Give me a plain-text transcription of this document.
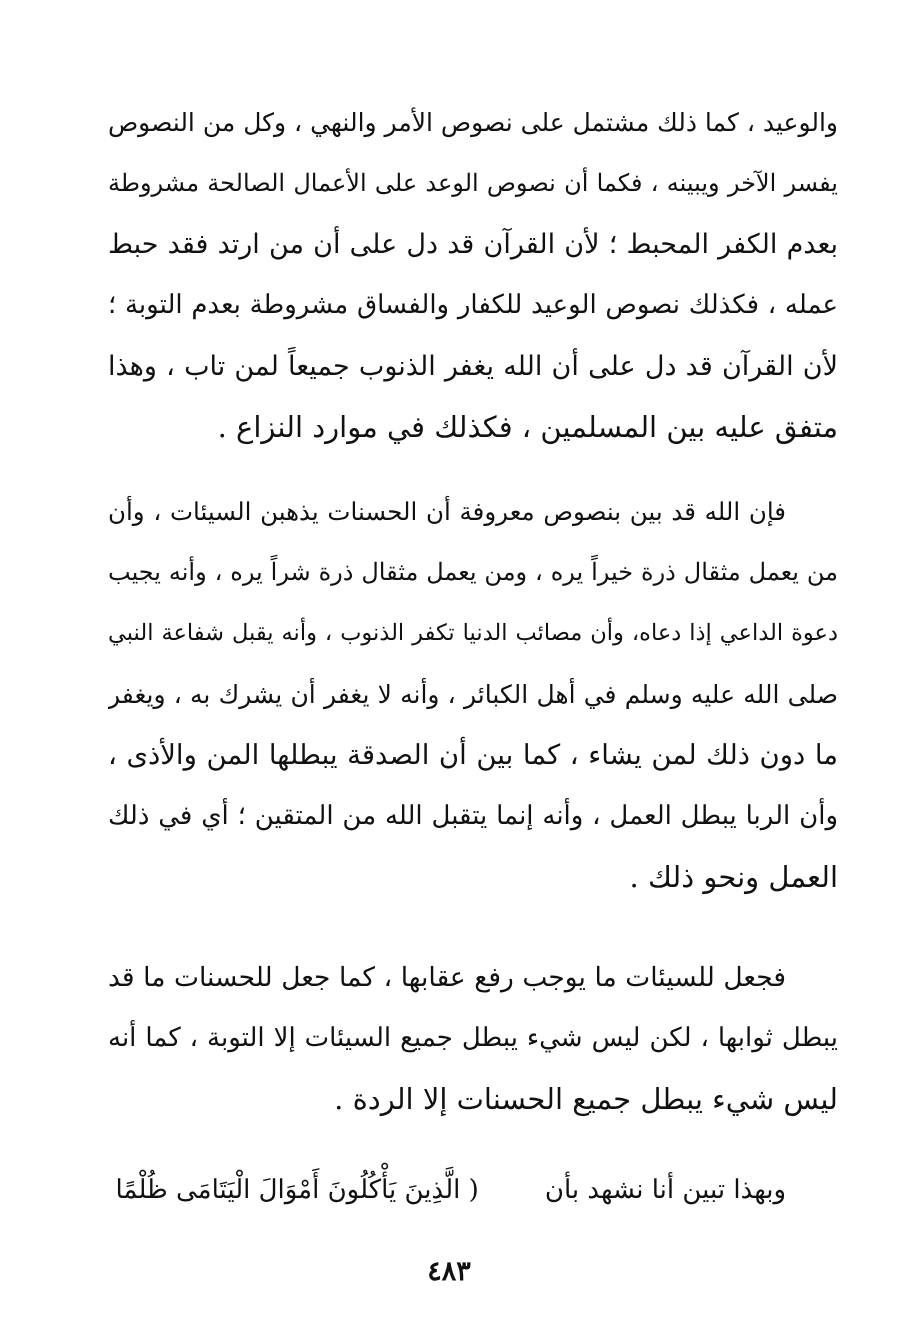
والوعيد ، كما ذلك مشتمل على نصوص الأمر والنهي ، وكل من النصوص
يفسر الآخر ويبينه ، فكما أن نصوص الوعد على الأعمال الصالحة مشروطة
بعدم الكفر المحبط ؛ لأن القرآن قد دل على أن من ارتد فقد حبط
عمله ، فكذلك نصوص الوعيد للكفار والفساق مشروطة بعدم التوبة ؛
لأن القرآن قد دل على أن الله يغفر الذنوب جميعاً لمن تاب ، وهذا
متفق عليه بين المسلمين ، فكذلك في موارد النزاع .
فإن الله قد بين بنصوص معروفة أن الحسنات يذهبن السيئات ، وأن
من يعمل مثقال ذرة خيراً يره ، ومن يعمل مثقال ذرة شراً يره ، وأنه يجيب
دعوة الداعي إذا دعاه، وأن مصائب الدنيا تكفر الذنوب ، وأنه يقبل شفاعة النبي
صلى الله عليه وسلم في أهل الكبائر ، وأنه لا يغفر أن يشرك به ، ويغفر
ما دون ذلك لمن يشاء ، كما بين أن الصدقة يبطلها المن والأذى ،
وأن الربا يبطل العمل ، وأنه إنما يتقبل الله من المتقين ؛ أي في ذلك
العمل ونحو ذلك .
فجعل للسيئات ما يوجب رفع عقابها ، كما جعل للحسنات ما قد
يبطل ثوابها ، لكن ليس شيء يبطل جميع السيئات إلا التوبة ، كما أنه
ليس شيء يبطل جميع الحسنات إلا الردة .
وبهذا تبين أنا نشهد بأن        ( الَّذِينَ يَأْكُلُونَ أَمْوَالَ الْيَتَامَى ظُلْمًا
٤٨٣
